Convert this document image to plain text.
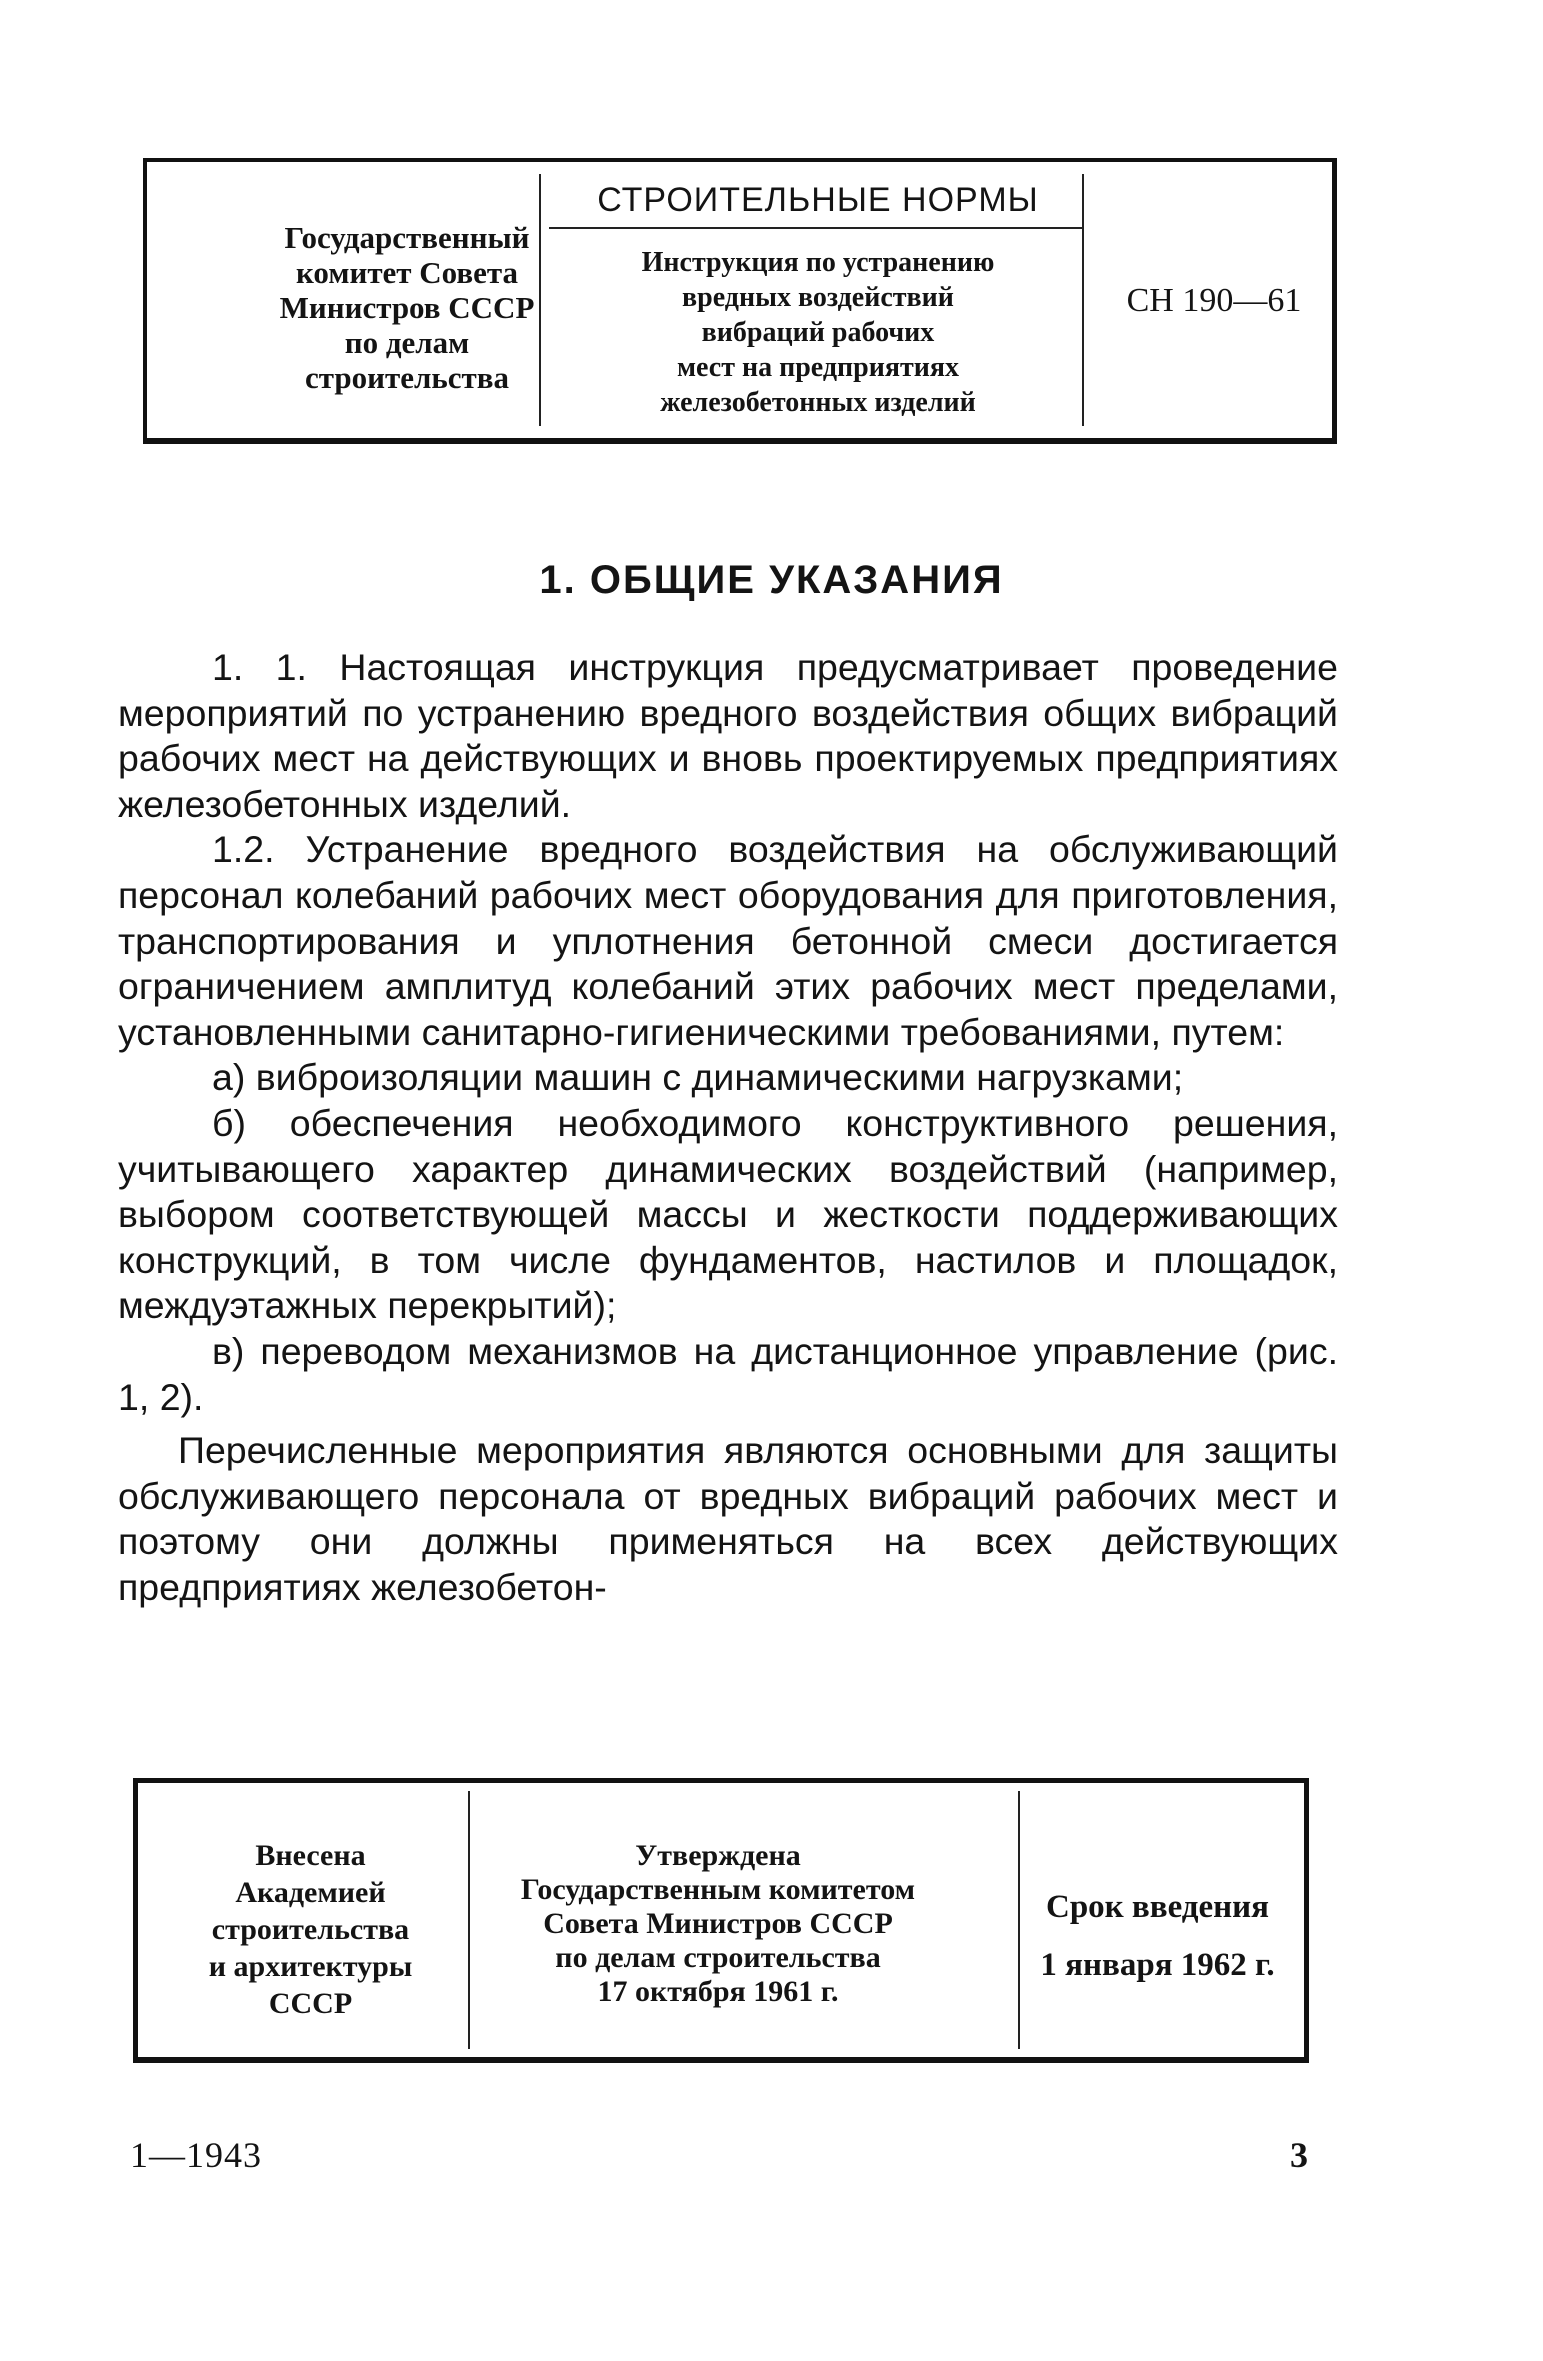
Государственный
комитет Совета
Министров СССР
по делам
строительства
СТРОИТЕЛЬНЫЕ НОРМЫ
Инструкция по устранению
вредных воздействий
вибраций рабочих
мест на предприятиях
железобетонных изделий
СН 190—61
1. ОБЩИЕ УКАЗАНИЯ

1. 1. Настоящая инструкция предусматривает проведение мероприятий по устранению вредного воздействия общих вибраций рабочих мест на действующих и вновь проектируемых предприятиях железобетонных изделий.

1.2. Устранение вредного воздействия на обслуживающий персонал колебаний рабочих мест оборудования для приготовления, транспортирования и уплотнения бетонной смеси достигается ограничением амплитуд колебаний этих рабочих мест пределами, установленными санитарно-гигиеническими требованиями, путем:

а) виброизоляции машин с динамическими нагрузками;

б) обеспечения необходимого конструктивного решения, учитывающего характер динамических воздействий (например, выбором соответствующей массы и жесткости поддерживающих конструкций, в том числе фундаментов, настилов и площадок, междуэтажных перекрытий);

в) переводом механизмов на дистанционное управление (рис. 1, 2).

Перечисленные мероприятия являются основными для защиты обслуживающего персонала от вредных вибраций рабочих мест и поэтому они должны применяться на всех действующих предприятиях железобетон-

Внесена
Академией
строительства
и архитектуры
СССР
Утверждена
Государственным комитетом
Совета Министров СССР
по делам строительства
17 октября 1961 г.
Срок введения
1 января 1962 г.
1—1943	3
